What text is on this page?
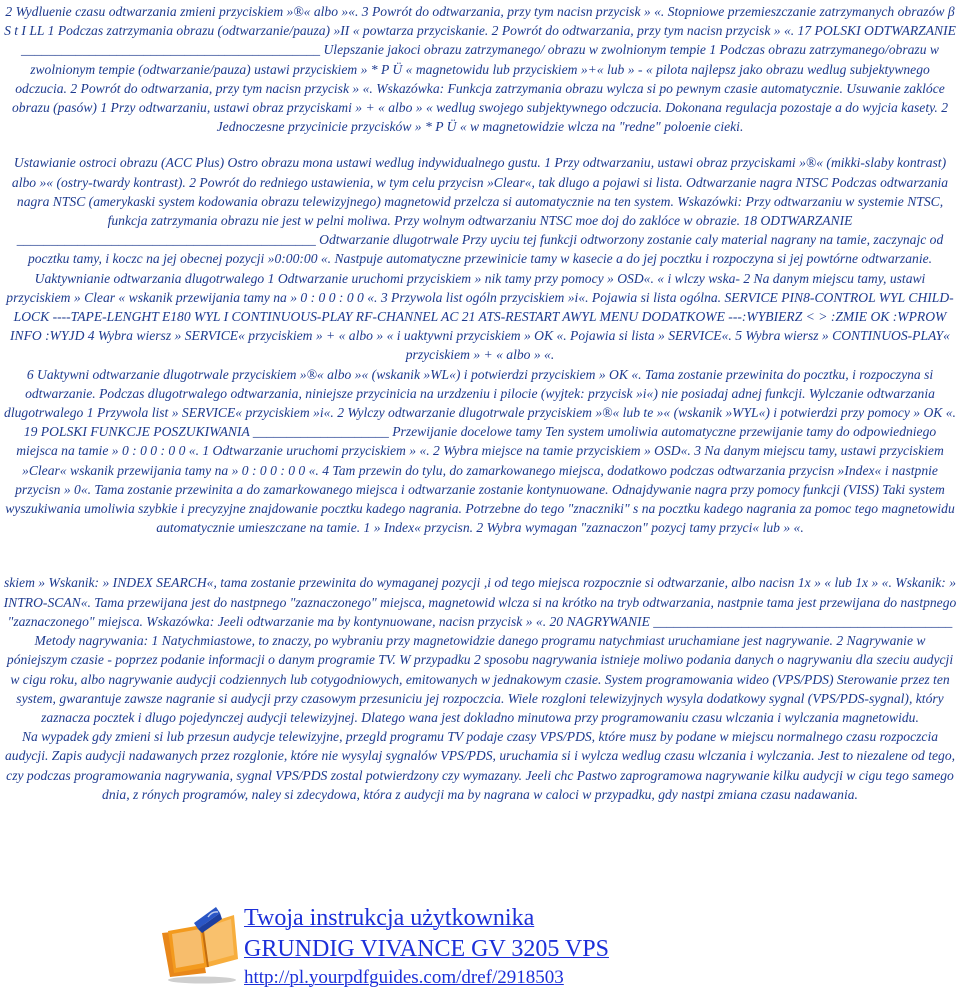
2 Wydluenie czasu odtwarzania zmieni przyciskiem »®« albo »«. 3 Powrót do odtwarzania, przy tym nacisn przycisk » «. Stopniowe przemieszczanie zatrzymanych obrazów β S t I LL 1 Podczas zatrzymania obrazu (odtwarzanie/pauza) »II « powtarza przyciskanie. 2 Powrót do odtwarzania, przy tym nacisn przycisk » «. 17 POLSKI ODTWARZANIE ____________________________________________ Ulepszanie jakoci obrazu zatrzymanego/ obrazu w zwolnionym tempie 1 Podczas obrazu zatrzymanego/obrazu w zwolnionym tempie (odtwarzanie/pauza) ustawi przyciskiem » * P Ü « magnetowidu lub przyciskiem »+« lub » - « pilota najlepsz jako obrazu wedlug subjektywnego odczucia. 2 Powrót do odtwarzania, przy tym nacisn przycisk » «. Wskazówka: Funkcja zatrzymania obrazu wylcza si po pewnym czasie automatycznie. Usuwanie zaklóce obrazu (pasów) 1 Przy odtwarzaniu, ustawi obraz przyciskami » + « albo » « wedlug swojego subjektywnego odczucia. Dokonana regulacja pozostaje a do wyjcia kasety. 2 Jednoczesne przycinicie przycisków » * P Ü « w magnetowidzie wlcza na "redne" poloenie cieki.

Ustawianie ostroci obrazu (ACC Plus) Ostro obrazu mona ustawi wedlug indywidualnego gustu. 1 Przy odtwarzaniu, ustawi obraz przyciskami »®« (mikki-slaby kontrast) albo »« (ostry-twardy kontrast). 2 Powrót do redniego ustawienia, w tym celu przycisn »Clear«, tak dlugo a pojawi si lista. Odtwarzanie nagra NTSC Podczas odtwarzania nagra NTSC (amerykaski system kodowania obrazu telewizyjnego) magnetowid przelcza si automatycznie na ten system. Wskazówki: Przy odtwarzaniu w systemie NTSC, funkcja zatrzymania obrazu nie jest w pelni moliwa. Przy wolnym odtwarzaniu NTSC moe doj do zaklóce w obrazie. 18 ODTWARZANIE ____________________________________________ Odtwarzanie dlugotrwale Przy uyciu tej funkcji odtworzony zostanie caly material nagrany na tamie, zaczynajc od pocztku tamy, i koczc na jej obecnej pozycji »0:00:00 «. Nastpuje automatyczne przewinicie tamy w kasecie a do jej pocztku i rozpoczyna si jej powtórne odtwarzanie. Uaktywnianie odtwarzania dlugotrwalego 1 Odtwarzanie uruchomi przyciskiem » nik tamy przy pomocy » OSD«. « i wlczy wska- 2 Na danym miejscu tamy, ustawi przyciskiem » Clear « wskanik przewijania tamy na » 0 : 0 0 : 0 0 «. 3 Przywola list ogóln przyciskiem »i«. Pojawia si lista ogólna. SERVICE PIN8-CONTROL WYL CHILD-LOCK ----TAPE-LENGHT E180 WYL I CONTINUOUS-PLAY RF-CHANNEL AC 21 ATS-RESTART AWYL MENU DODATKOWE ---:WYBIERZ < > :ZMIE OK :WPROW INFO :WYJD 4 Wybra wiersz » SERVICE« przyciskiem » + « albo » « i uaktywni przyciskiem » OK «. Pojawia si lista » SERVICE«. 5 Wybra wiersz » CONTINUOS-PLAY« przyciskiem » + « albo » «.

6 Uaktywni odtwarzanie dlugotrwale przyciskiem »®« albo »« (wskanik »WL«) i potwierdzi przyciskiem » OK «. Tama zostanie przewinita do pocztku, i rozpoczyna si odtwarzanie. Podczas dlugotrwalego odtwarzania, niniejsze przycinicia na urzdzeniu i pilocie (wyjtek: przycisk »i«) nie posiadaj adnej funkcji. Wylczanie odtwarzania dlugotrwalego 1 Przywola list » SERVICE« przyciskiem »i«. 2 Wylczy odtwarzanie dlugotrwale przyciskiem »®« lub te »« (wskanik »WYL«) i potwierdzi przy pomocy » OK «.

19 POLSKI FUNKCJE POSZUKIWANIA ____________________ Przewijanie docelowe tamy Ten system umoliwia automatyczne przewijanie tamy do odpowiedniego miejsca na tamie » 0 : 0 0 : 0 0 «. 1 Odtwarzanie uruchomi przyciskiem » «. 2 Wybra miejsce na tamie przyciskiem » OSD«. 3 Na danym miejscu tamy, ustawi przyciskiem »Clear« wskanik przewijania tamy na » 0 : 0 0 : 0 0 «. 4 Tam przewin do tylu, do zamarkowanego miejsca, dodatkowo podczas odtwarzania przycisn »Index« i nastpnie przycisn » 0«. Tama zostanie przewinita a do zamarkowanego miejsca i odtwarzanie zostanie kontynuowane. Odnajdywanie nagra przy pomocy funkcji (VISS) Taki system wyszukiwania umoliwia szybkie i precyzyjne znajdowanie pocztku kadego nagrania. Potrzebne do tego "znaczniki" s na pocztku kadego nagrania za pomoc tego magnetowidu automatycznie umieszczane na tamie. 1 » Index« przycisn. 2 Wybra wymagan "zaznaczon" pozycj tamy przyci« lub » «.

skiem » Wskanik: » INDEX SEARCH«, tama zostanie przewinita do wymaganej pozycji ,i od tego miejsca rozpocznie si odtwarzanie, albo nacisn 1x » « lub 1x » «. Wskanik: » INTRO-SCAN«. Tama przewijana jest do nastpnego "zaznaczonego" miejsca, magnetowid wlcza si na krótko na tryb odtwarzania, nastpnie tama jest przewijana do nastpnego "zaznaczonego" miejsca. Wskazówka: Jeeli odtwarzanie ma by kontynuowane, nacisn przycisk » «. 20 NAGRYWANIE ____________________________________________ Metody nagrywania: 1 Natychmiastowe, to znaczy, po wybraniu przy magnetowidzie danego programu natychmiast uruchamiane jest nagrywanie. 2 Nagrywanie w póniejszym czasie - poprzez podanie informacji o danym programie TV. W przypadku 2 sposobu nagrywania istnieje moliwo podania danych o nagrywaniu dla szeciu audycji w cigu roku, albo nagrywanie audycji codziennych lub cotygodniowych, emitowanych w jednakowym czasie. System programowania wideo (VPS/PDS) Sterowanie przez ten system, gwarantuje zawsze nagranie si audycji przy czasowym przesuniciu jej rozpoczcia. Wiele rozgloni telewizyjnych wysyla dodatkowy sygnal (VPS/PDS-sygnal), który zaznacza pocztek i dlugo pojedynczej audycji telewizyjnej. Dlatego wana jest dokladno minutowa przy programowaniu czasu wlczania i wylczania magnetowidu.

Na wypadek gdy zmieni si lub przesun audycje telewizyjne, przegld programu TV podaje czasy VPS/PDS, które musz by podane w miejscu normalnego czasu rozpoczcia audycji. Zapis audycji nadawanych przez rozglonie, które nie wysylaj sygnalów VPS/PDS, uruchamia si i wylcza wedlug czasu wlczania i wylczania. Jest to niezalene od tego, czy podczas programowania nagrywania, sygnal VPS/PDS zostal potwierdzony czy wymazany. Jeeli chc Pastwo zaprogramowa nagrywanie kilku audycji w cigu tego samego dnia, z rónych programów, naley si zdecydowa, która z audycji ma by nagrana w caloci w przypadku, gdy nastpi zmiana czasu nadawania.

Twoja instrukcja użytkownika
GRUNDIG VIVANCE GV 3205 VPS
http://pl.yourpdfguides.com/dref/2918503
